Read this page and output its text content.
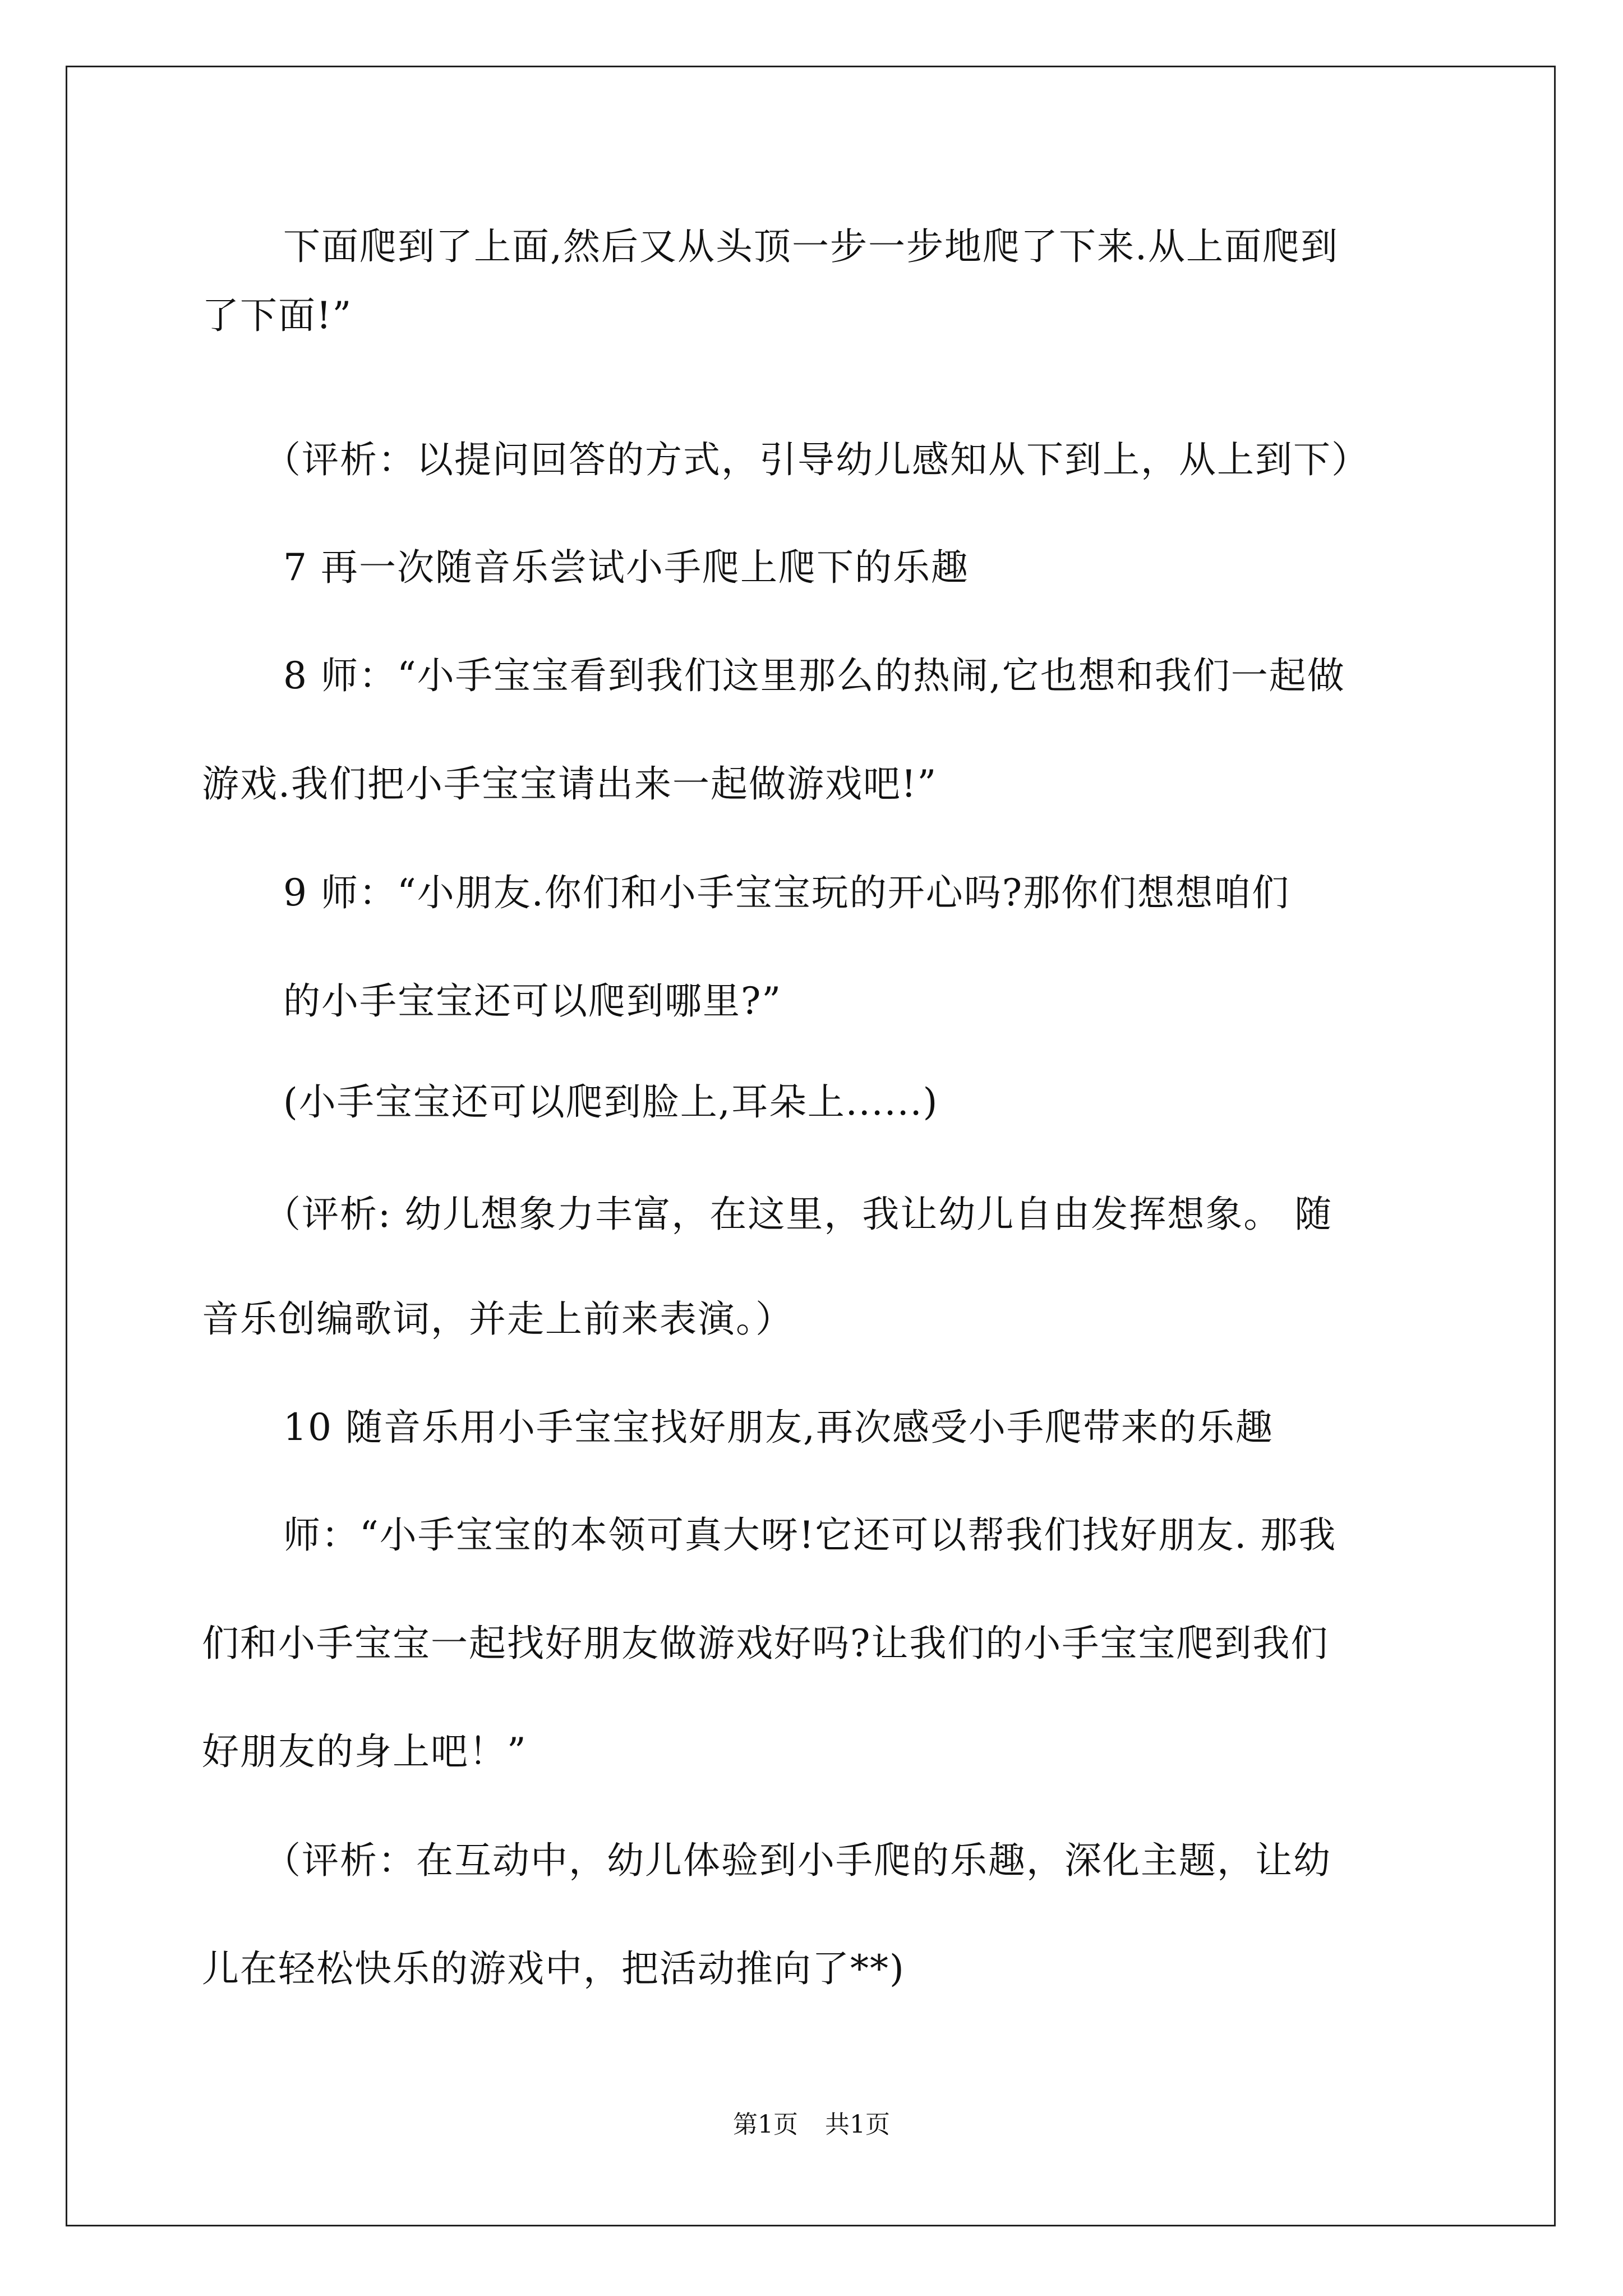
下面爬到了上面,然后又从头顶一步一步地爬了下来.从上面爬到
了下面!”
（评析：以提问回答的方式，引导幼儿感知从下到上，从上到下）
7 再一次随音乐尝试小手爬上爬下的乐趣
8 师：“小手宝宝看到我们这里那么的热闹,它也想和我们一起做
游戏.我们把小手宝宝请出来一起做游戏吧!”
9 师：“小朋友.你们和小手宝宝玩的开心吗?那你们想想咱们
的小手宝宝还可以爬到哪里?”
(小手宝宝还可以爬到脸上,耳朵上......)
（评析: 幼儿想象力丰富，在这里，我让幼儿自由发挥想象。 随
音乐创编歌词，并走上前来表演。）
10 随音乐用小手宝宝找好朋友,再次感受小手爬带来的乐趣
师：“小手宝宝的本领可真大呀!它还可以帮我们找好朋友. 那我
们和小手宝宝一起找好朋友做游戏好吗?让我们的小手宝宝爬到我们
好朋友的身上吧！”
（评析：在互动中，幼儿体验到小手爬的乐趣，深化主题，让幼
儿在轻松快乐的游戏中，把活动推向了**)
第1页 共1页
